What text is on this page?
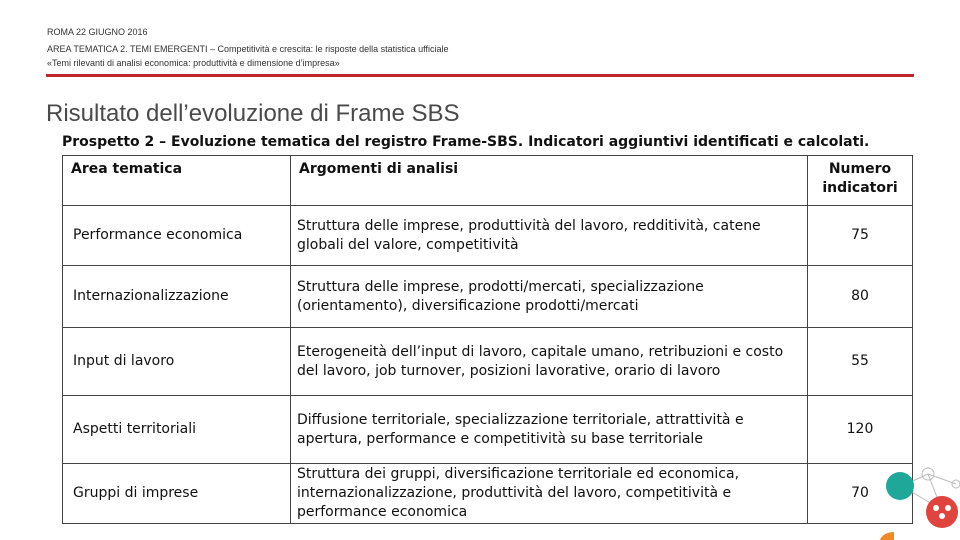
ROMA 22 GIUGNO 2016
AREA TEMATICA 2. TEMI EMERGENTI – Competitività e crescita: le risposte della statistica ufficiale
«Temi rilevanti di analisi economica: produttività e dimensione d’impresa»
Risultato dell’evoluzione di Frame SBS
Prospetto 2 – Evoluzione tematica del registro Frame-SBS. Indicatori aggiuntivi identificati e calcolati.
Area tematica	Argomenti di analisi	Numero
indicatori
Performance economica	Struttura delle imprese, produttività del lavoro, redditività, catene globali del valore, competitività	75
Internazionalizzazione	Struttura delle imprese, prodotti/mercati, specializzazione (orientamento), diversificazione prodotti/mercati	80
Input di lavoro	Eterogeneità dell’input di lavoro, capitale umano, retribuzioni e costo del lavoro, job turnover, posizioni lavorative, orario di lavoro	55
Aspetti territoriali	Diffusione territoriale, specializzazione territoriale, attrattività e apertura, performance e competitività su base territoriale	120
Gruppi di imprese	Struttura dei gruppi, diversificazione territoriale ed economica, internazionalizzazione, produttività del lavoro, competitività e performance economica	70
